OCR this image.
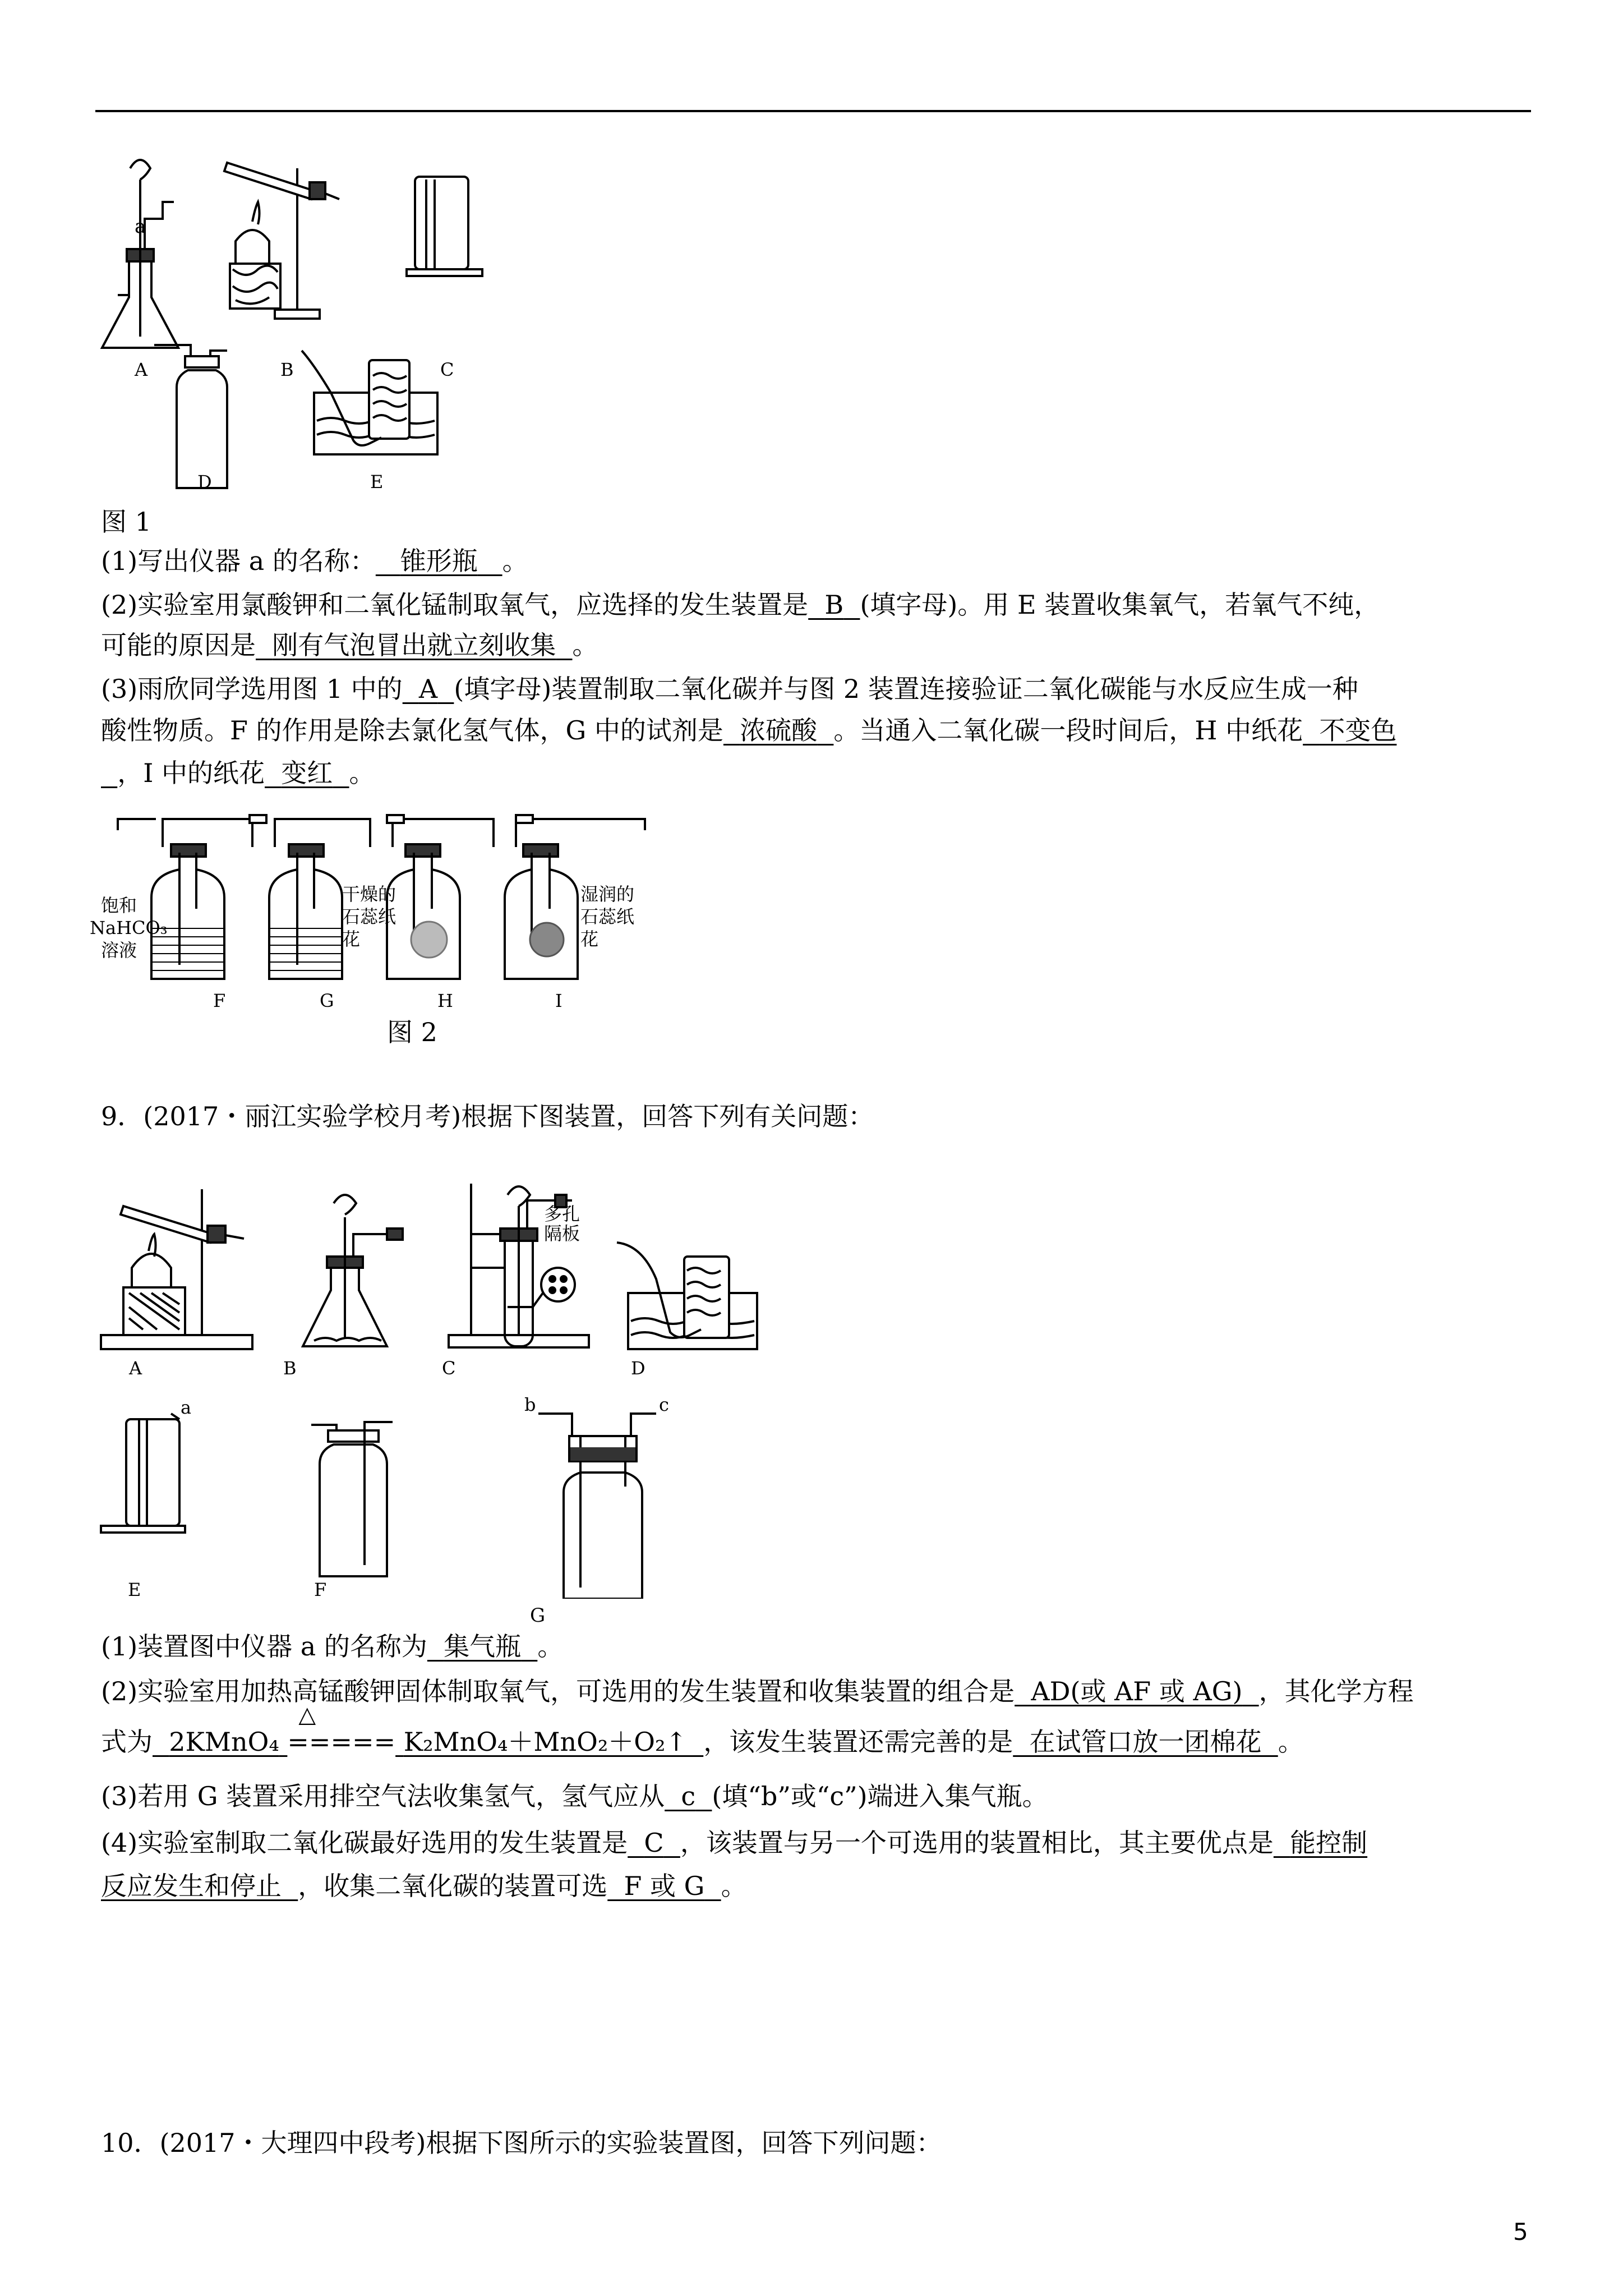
a
A	B	C
D	E
图 1
(1)写出仪器 a 的名称： 锥形瓶 。
(2)实验室用氯酸钾和二氧化锰制取氧气，应选择的发生装置是 B (填字母)。用 E 装置收集氧气，若氧气不纯，
可能的原因是 刚有气泡冒出就立刻收集 。
(3)雨欣同学选用图 1 中的 A (填字母)装置制取二氧化碳并与图 2 装置连接验证二氧化碳能与水反应生成一种
酸性物质。F 的作用是除去氯化氢气体，G 中的试剂是 浓硫酸 。当通入二氧化碳一段时间后，H 中纸花 不变色
，I 中的纸花 变红 。
饱和
NaHCO₃
溶液
干燥的
石蕊纸
花
湿润的
石蕊纸
花
F	G	H	I
图 2
9．(2017・丽江实验学校月考)根据下图装置，回答下列有关问题：
多孔
隔板
a	b	c
A	B	C	D
E	F
G
(1)装置图中仪器 a 的名称为 集气瓶 。
(2)实验室用加热高锰酸钾固体制取氧气，可选用的发生装置和收集装置的组合是 AD(或 AF 或 AG) ，其化学方程
式为 2KMnO₄
△
===== K₂MnO₄＋MnO₂＋O₂↑ ，该发生装置还需完善的是 在试管口放一团棉花 。
(3)若用 G 装置采用排空气法收集氢气，氢气应从 c (填“b”或“c”)端进入集气瓶。
(4)实验室制取二氧化碳最好选用的发生装置是 C ，该装置与另一个可选用的装置相比，其主要优点是 能控制
反应发生和停止 ，收集二氧化碳的装置可选 F 或 G 。
10．(2017・大理四中段考)根据下图所示的实验装置图，回答下列问题：
5
